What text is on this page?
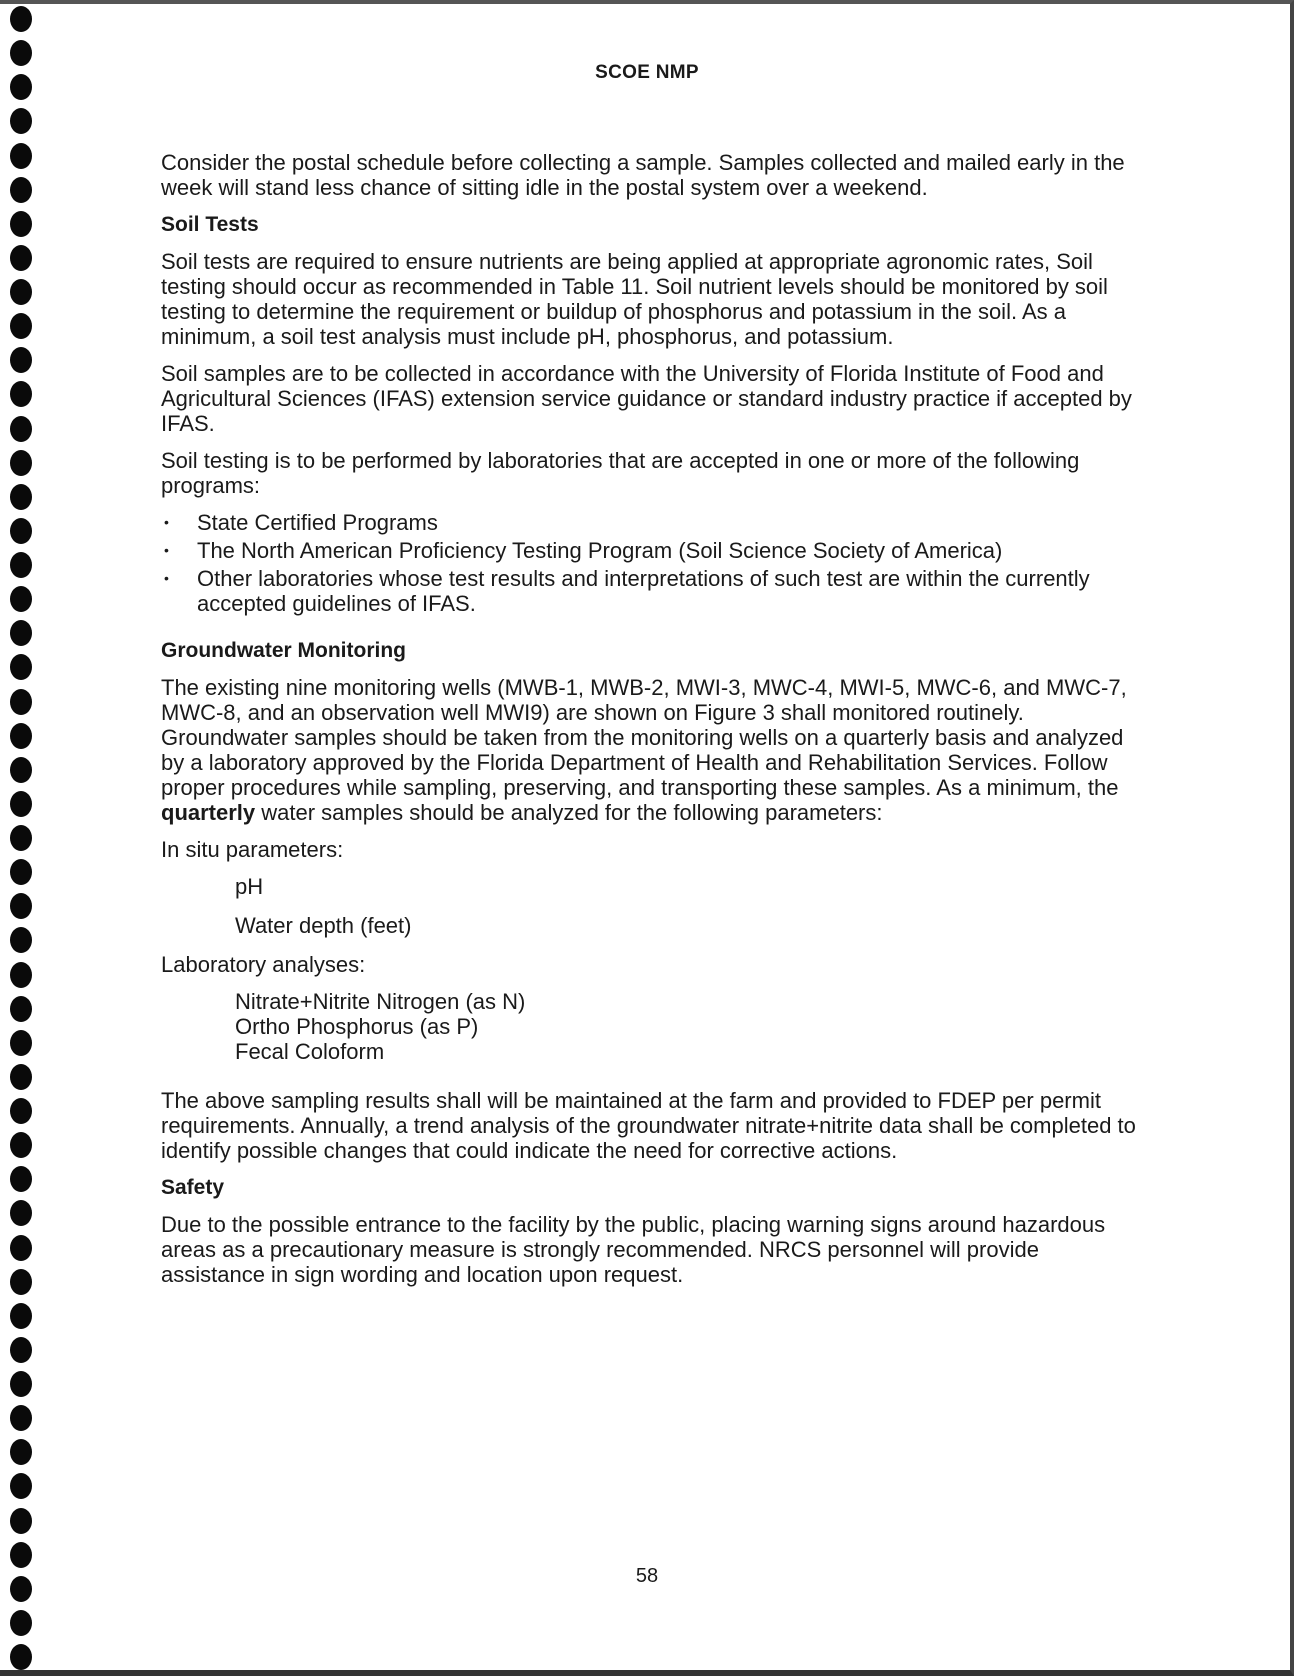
SCOE NMP

Consider the postal schedule before collecting a sample. Samples collected and mailed early in the week will stand less chance of sitting idle in the postal system over a weekend.

Soil Tests

Soil tests are required to ensure nutrients are being applied at appropriate agronomic rates, Soil testing should occur as recommended in Table 11. Soil nutrient levels should be monitored by soil testing to determine the requirement or buildup of phosphorus and potassium in the soil. As a minimum, a soil test analysis must include pH, phosphorus, and potassium.

Soil samples are to be collected in accordance with the University of Florida Institute of Food and Agricultural Sciences (IFAS) extension service guidance or standard industry practice if accepted by IFAS.

Soil testing is to be performed by laboratories that are accepted in one or more of the following programs:

• State Certified Programs
• The North American Proficiency Testing Program (Soil Science Society of America)
• Other laboratories whose test results and interpretations of such test are within the currently accepted guidelines of IFAS.
Groundwater Monitoring

The existing nine monitoring wells (MWB-1, MWB-2, MWI-3, MWC-4, MWI-5, MWC-6, and MWC-7, MWC-8, and an observation well MWI9) are shown on Figure 3 shall monitored routinely. Groundwater samples should be taken from the monitoring wells on a quarterly basis and analyzed by a laboratory approved by the Florida Department of Health and Rehabilitation Services. Follow proper procedures while sampling, preserving, and transporting these samples. As a minimum, the quarterly water samples should be analyzed for the following parameters:

In situ parameters:

pH
Water depth (feet)

Laboratory analyses:

Nitrate+Nitrite Nitrogen (as N)
Ortho Phosphorus (as P)
Fecal Coloform

The above sampling results shall will be maintained at the farm and provided to FDEP per permit requirements. Annually, a trend analysis of the groundwater nitrate+nitrite data shall be completed to identify possible changes that could indicate the need for corrective actions.

Safety

Due to the possible entrance to the facility by the public, placing warning signs around hazardous areas as a precautionary measure is strongly recommended. NRCS personnel will provide assistance in sign wording and location upon request.

58
